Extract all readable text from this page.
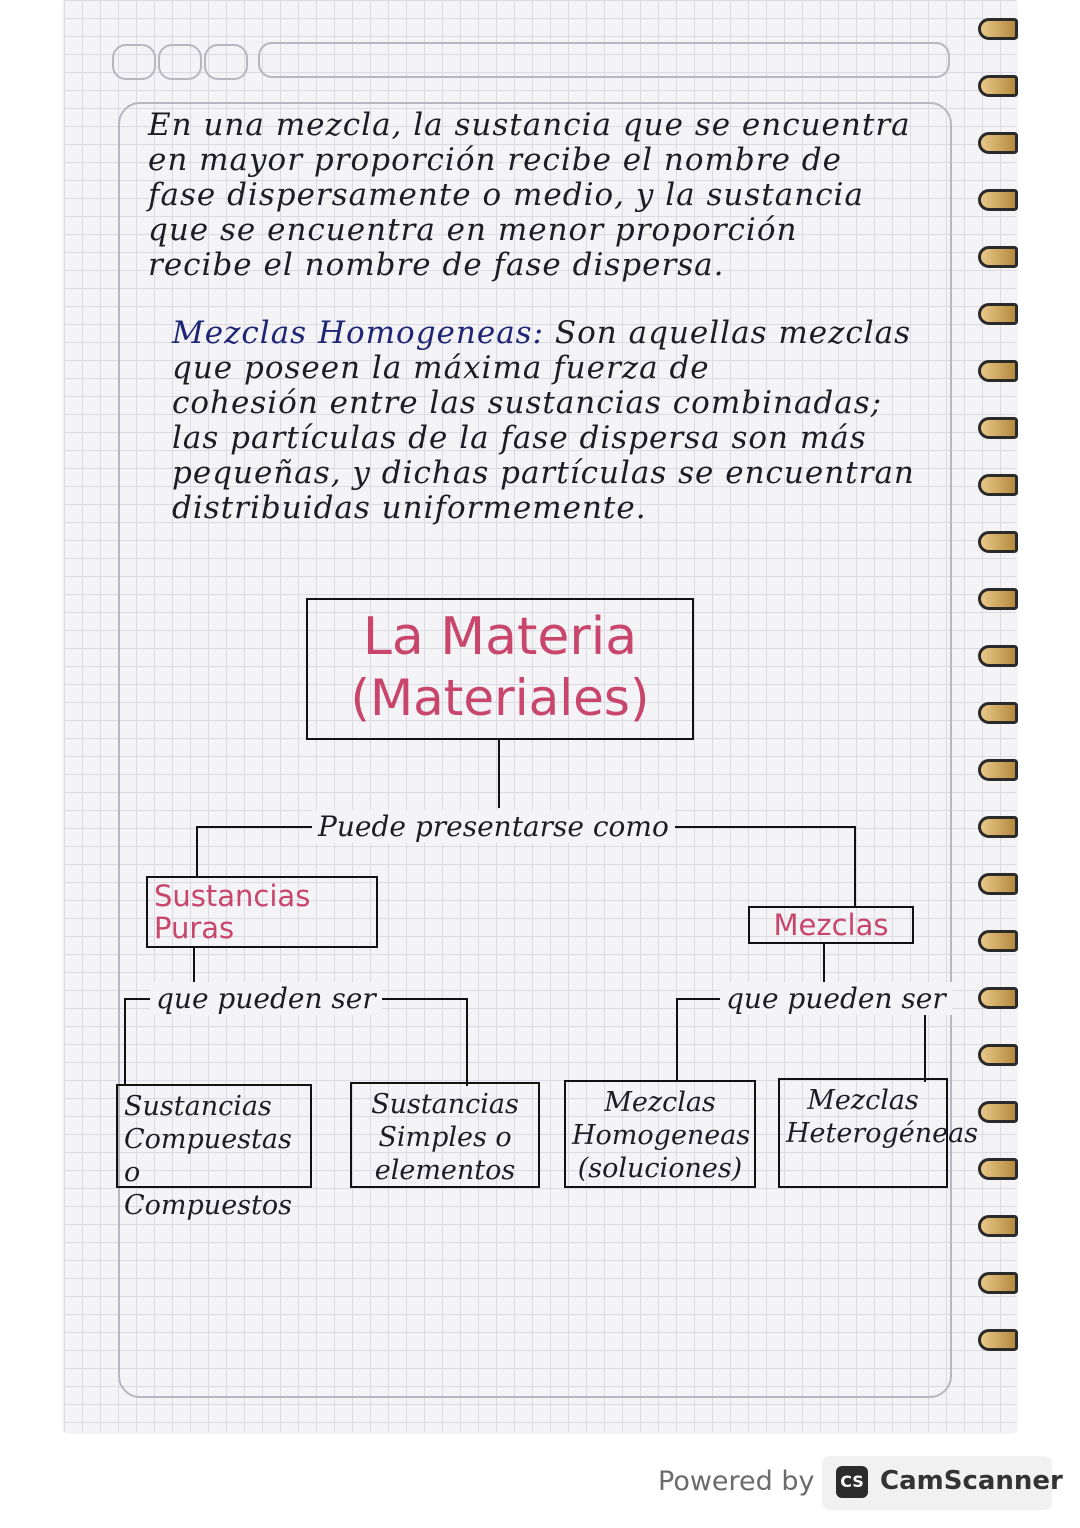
En una mezcla, la sustancia que se encuentra
en mayor proporción recibe el nombre de
fase dispersamente o medio, y la sustancia
que se encuentra en menor proporción
recibe el nombre de fase dispersa.
Mezclas Homogeneas: Son aquellas mezclas
que poseen la máxima fuerza de
cohesión entre las sustancias combinadas;
las partículas de la fase dispersa son más
pequeñas, y dichas partículas se encuentran
distribuidas uniformemente.
La Materia
(Materiales)
Puede presentarse como
Sustancias Puras	Mezclas
que pueden ser	que pueden ser
Sustancias Compuestas o Compuestos
Sustancias Simples o elementos
Mezclas Homogeneas (soluciones)
Mezclas Heterogéneas
Powered by CS CamScanner
